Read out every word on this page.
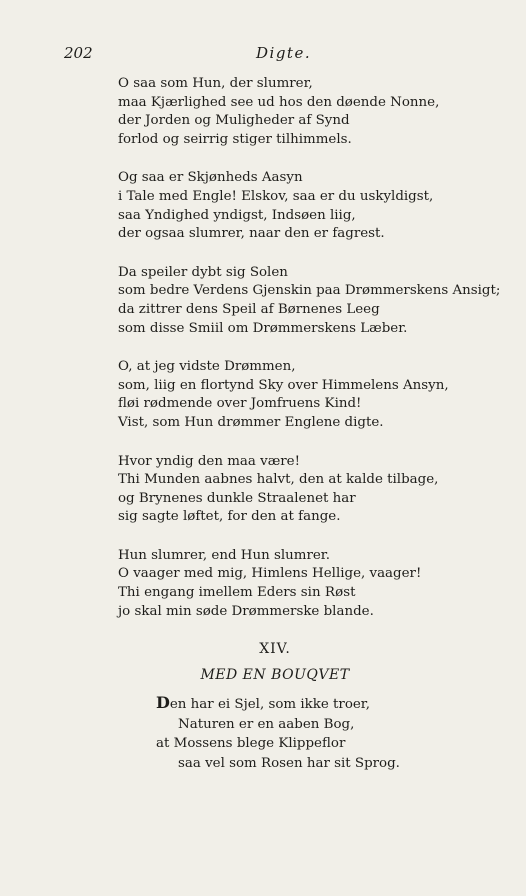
202	Digte.
O saa som Hun, der slumrer,
maa Kjærlighed see ud hos den døende Nonne,
der Jorden og Muligheder af Synd
forlod og seirrig stiger tilhimmels.
Og saa er Skjønheds Aasyn
i Tale med Engle! Elskov, saa er du uskyldigst,
saa Yndighed yndigst, Indsøen liig,
der ogsaa slumrer, naar den er fagrest.
Da speiler dybt sig Solen
som bedre Verdens Gjenskin paa Drømmerskens Ansigt;
da zittrer dens Speil af Børnenes Leeg
som disse Smiil om Drømmerskens Læber.
O, at jeg vidste Drømmen,
som, liig en flortynd Sky over Himmelens Ansyn,
fløi rødmende over Jomfruens Kind!
Vist, som Hun drømmer Englene digte.
Hvor yndig den maa være!
Thi Munden aabnes halvt, den at kalde tilbage,
og Brynenes dunkle Straalenet har
sig sagte løftet, for den at fange.
Hun slumrer, end Hun slumrer.
O vaager med mig, Himlens Hellige, vaager!
Thi engang imellem Eders sin Røst
jo skal min søde Drømmerske blande.
XIV.
MED EN BOUQVET
Den har ei Sjel, som ikke troer,
Naturen er en aaben Bog,
at Mossens blege Klippeflor
saa vel som Rosen har sit Sprog.
